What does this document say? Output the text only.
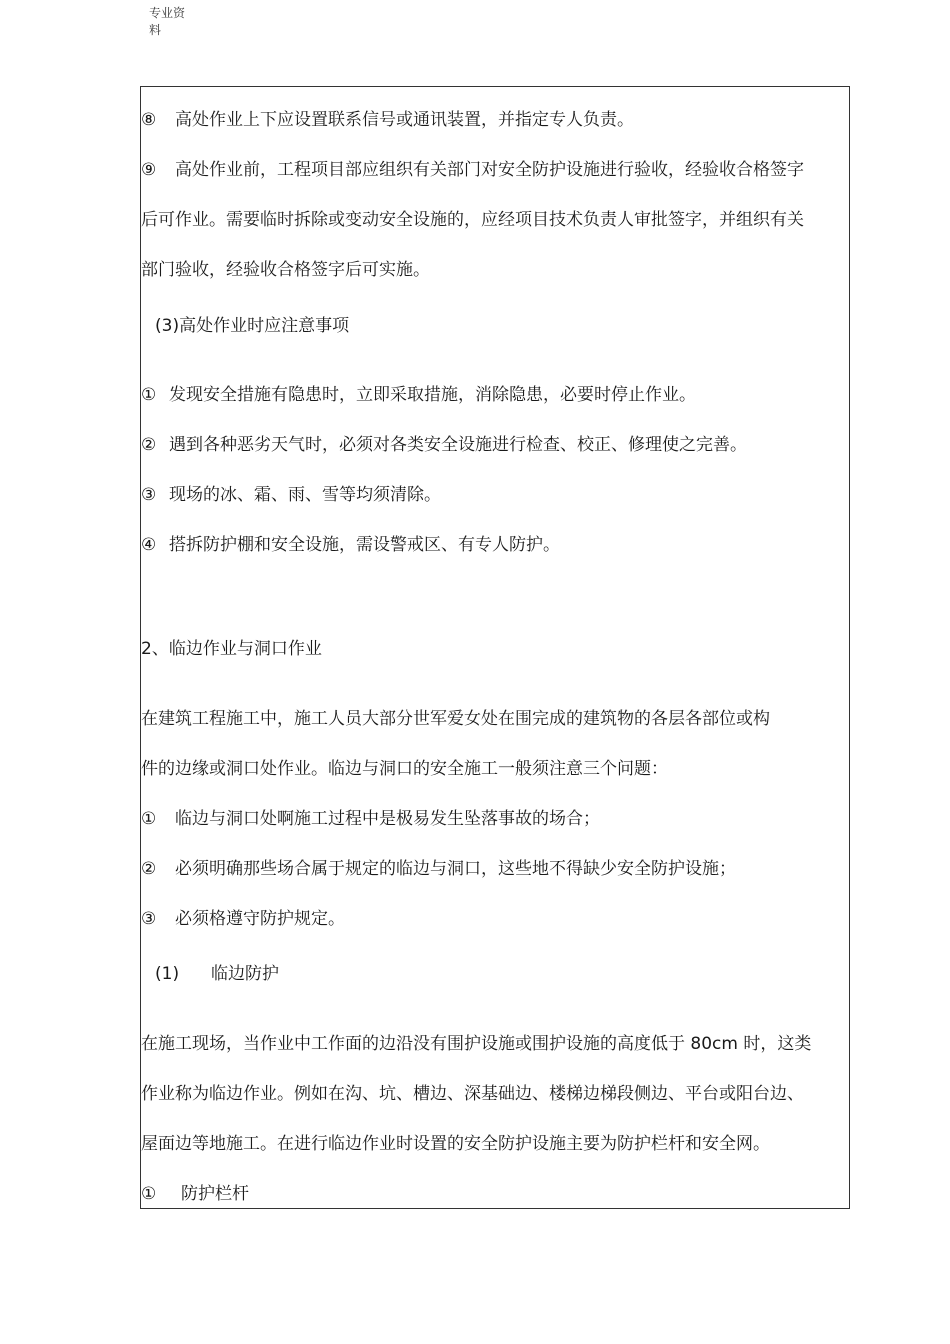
专业资
料
⑧ 高处作业上下应设置联系信号或通讯装置，并指定专人负责。
⑨ 高处作业前，工程项目部应组织有关部门对安全防护设施进行验收，经验收合格签字
后可作业。需要临时拆除或变动安全设施的，应经项目技术负责人审批签字，并组织有关
部门验收，经验收合格签字后可实施。
(3)高处作业时应注意事项
① 发现安全措施有隐患时，立即采取措施，消除隐患，必要时停止作业。
② 遇到各种恶劣天气时，必须对各类安全设施进行检查、校正、修理使之完善。
③ 现场的冰、霜、雨、雪等均须清除。
④ 搭拆防护棚和安全设施，需设警戒区、有专人防护。
2、临边作业与洞口作业
在建筑工程施工中，施工人员大部分世军爱女处在围完成的建筑物的各层各部位或构
件的边缘或洞口处作业。临边与洞口的安全施工一般须注意三个问题：
① 临边与洞口处啊施工过程中是极易发生坠落事故的场合；
② 必须明确那些场合属于规定的临边与洞口，这些地不得缺少安全防护设施；
③ 必须格遵守防护规定。
(1) 临边防护
在施工现场，当作业中工作面的边沿没有围护设施或围护设施的高度低于 80cm 时，这类
作业称为临边作业。例如在沟、坑、槽边、深基础边、楼梯边梯段侧边、平台或阳台边、
屋面边等地施工。在进行临边作业时设置的安全防护设施主要为防护栏杆和安全网。
① 防护栏杆
